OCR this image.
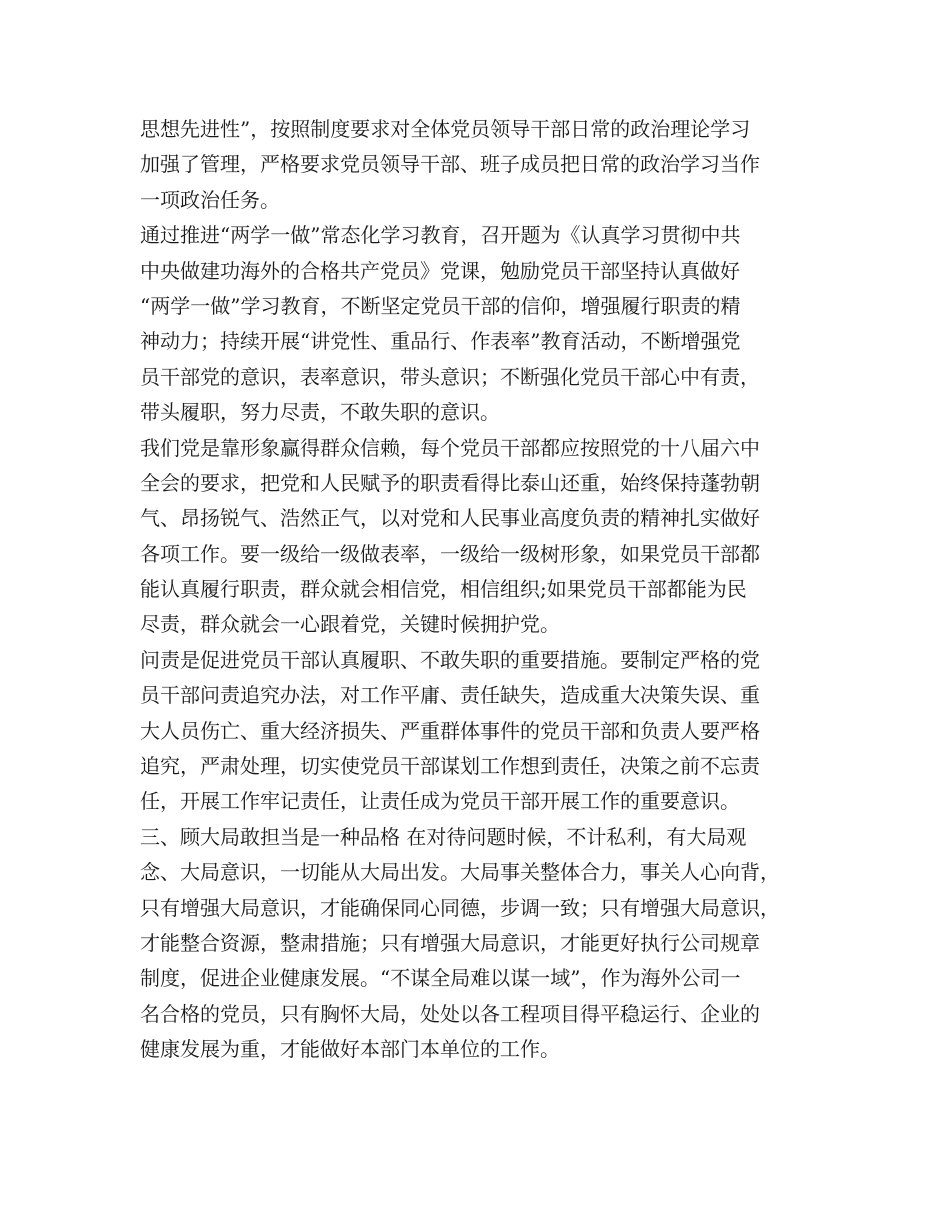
思想先进性”，按照制度要求对全体党员领导干部日常的政治理论学习
加强了管理，严格要求党员领导干部、班子成员把日常的政治学习当作
一项政治任务。
通过推进“两学一做”常态化学习教育，召开题为《认真学习贯彻中共
中央做建功海外的合格共产党员》党课，勉励党员干部坚持认真做好
“两学一做”学习教育，不断坚定党员干部的信仰，增强履行职责的精
神动力；持续开展“讲党性、重品行、作表率”教育活动，不断增强党
员干部党的意识，表率意识，带头意识；不断强化党员干部心中有责，
带头履职，努力尽责，不敢失职的意识。
我们党是靠形象赢得群众信赖，每个党员干部都应按照党的十八届六中
全会的要求，把党和人民赋予的职责看得比泰山还重，始终保持蓬勃朝
气、昂扬锐气、浩然正气，以对党和人民事业高度负责的精神扎实做好
各项工作。要一级给一级做表率，一级给一级树形象，如果党员干部都
能认真履行职责，群众就会相信党，相信组织;如果党员干部都能为民
尽责，群众就会一心跟着党，关键时候拥护党。
问责是促进党员干部认真履职、不敢失职的重要措施。要制定严格的党
员干部问责追究办法，对工作平庸、责任缺失，造成重大决策失误、重
大人员伤亡、重大经济损失、严重群体事件的党员干部和负责人要严格
追究，严肃处理，切实使党员干部谋划工作想到责任，决策之前不忘责
任，开展工作牢记责任，让责任成为党员干部开展工作的重要意识。
三、顾大局敢担当是一种品格 在对待问题时候，不计私利，有大局观
念、大局意识，一切能从大局出发。大局事关整体合力，事关人心向背，
只有增强大局意识，才能确保同心同德，步调一致；只有增强大局意识，
才能整合资源，整肃措施；只有增强大局意识，才能更好执行公司规章
制度，促进企业健康发展。“不谋全局难以谋一域”，作为海外公司一
名合格的党员，只有胸怀大局，处处以各工程项目得平稳运行、企业的
健康发展为重，才能做好本部门本单位的工作。
